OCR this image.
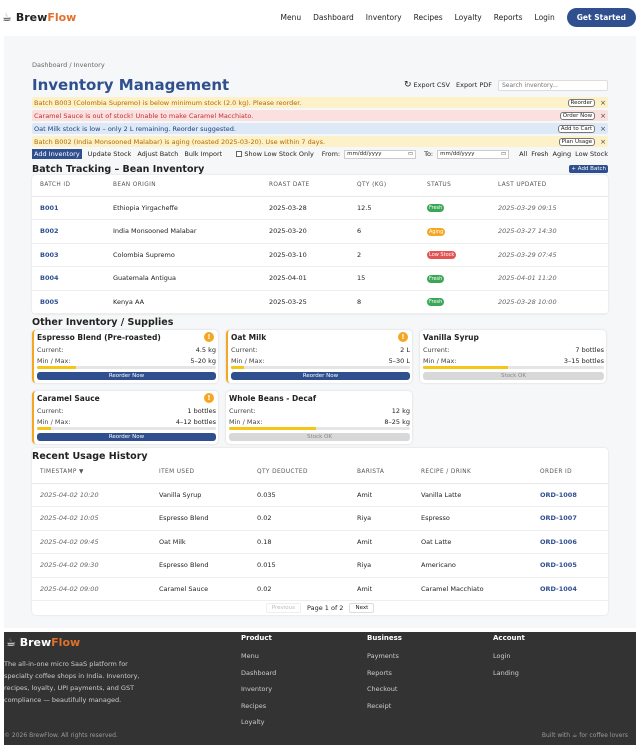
☕ BrewFlow	Menu Dashboard Inventory Recipes Loyalty Reports Login	Get Started
Dashboard / Inventory
Inventory Management	↻ Export CSV Export PDF
Search inventory...
Batch B003 (Colombia Supremo) is below minimum stock (2.0 kg). Please reorder.	Reorder	×
Caramel Sauce is out of stock! Unable to make Caramel Macchiato.	Order Now	×
Oat Milk stock is low – only 2 L remaining. Reorder suggested.	Add to Cart	×
Batch B002 (India Monsooned Malabar) is aging (roasted 2025-03-20). Use within 7 days.	Plan Usage	×
Add Inventory	Update Stock Adjust Batch Bulk Import	Show Low Stock Only From: mm/dd/yyyy	▭ To: mm/dd/yyyy	▭ All Fresh Aging Low Stock
Batch Tracking – Bean Inventory	+ Add Batch
BATCH ID	BEAN ORIGIN	ROAST DATE	QTY (KG)	STATUS	LAST UPDATED
B001	Ethiopia Yirgacheffe	2025-03-28	12.5	Fresh	2025-03-29 09:15
B002	India Monsooned Malabar	2025-03-20	6	Aging	2025-03-27 14:30
B003	Colombia Supremo	2025-03-10	2	Low Stock	2025-03-29 07:45
B004	Guatemala Antigua	2025-04-01	15	Fresh	2025-04-01 11:20
B005	Kenya AA	2025-03-25	8	Fresh	2025-03-28 10:00
Other Inventory / Supplies
Espresso Blend (Pre-roasted)	!
Current:	4.5 kg
Min / Max:	5–20 kg
Reorder Now
Oat Milk	!
Current:	2 L
Min / Max:	5–30 L
Reorder Now
Vanilla Syrup
Current:	7 bottles
Min / Max:	3–15 bottles
Stock OK
Caramel Sauce	!
Current:	1 bottles
Min / Max:	4–12 bottles
Reorder Now
Whole Beans - Decaf
Current:	12 kg
Min / Max:	8–25 kg
Stock OK
Recent Usage History
TIMESTAMP ▼	ITEM USED	QTY DEDUCTED	BARISTA	RECIPE / DRINK	ORDER ID
2025-04-02 10:20	Vanilla Syrup	0.035	Amit	Vanilla Latte	ORD-1008
2025-04-02 10:05	Espresso Blend	0.02	Riya	Espresso	ORD-1007
2025-04-02 09:45	Oat Milk	0.18	Amit	Oat Latte	ORD-1006
2025-04-02 09:30	Espresso Blend	0.015	Riya	Americano	ORD-1005
2025-04-02 09:00	Caramel Sauce	0.02	Amit	Caramel Macchiato	ORD-1004
Previous	Page 1 of 2	Next
☕ BrewFlow
The all-in-one micro SaaS platform for specialty coffee shops in India. Inventory, recipes, loyalty, UPI payments, and GST compliance — beautifully managed.
Product
Menu
Dashboard
Inventory
Recipes
Loyalty
Business
Payments
Reports
Checkout
Receipt
Account
Login
Landing
© 2026 BrewFlow. All rights reserved.	Built with ☕ for coffee lovers
